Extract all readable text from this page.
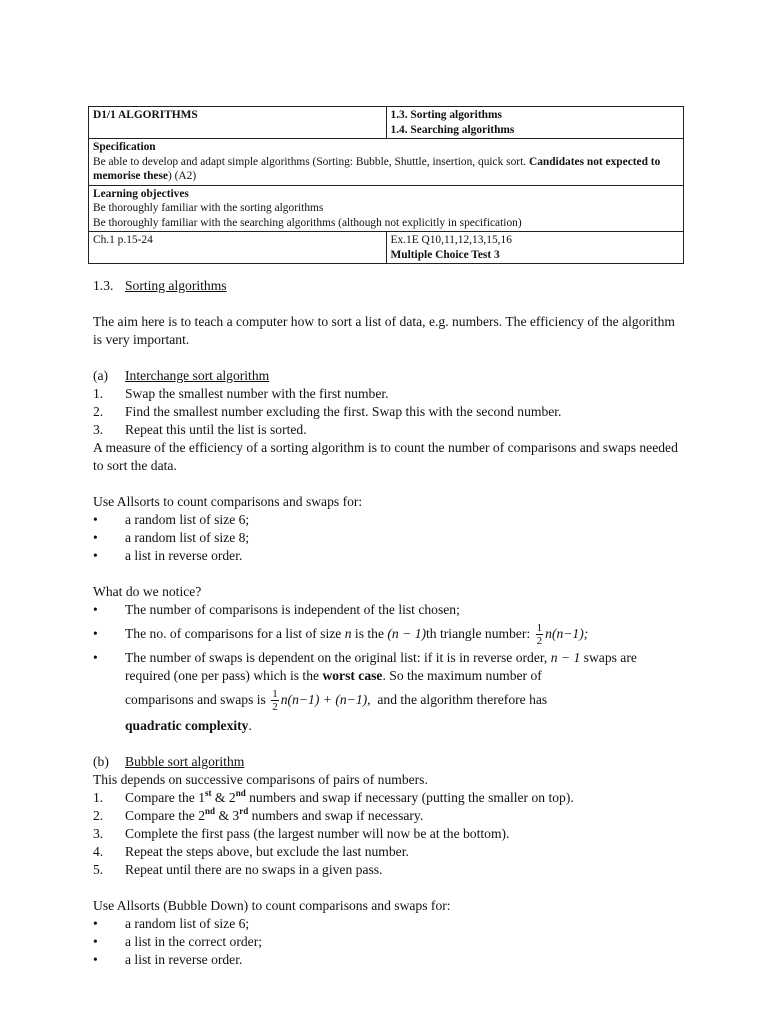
D1/1 ALGORITHMS	1.3. Sorting algorithms
1.4. Searching algorithms

Specification
Be able to develop and adapt simple algorithms (Sorting: Bubble, Shuttle, insertion, quick sort. Candidates not expected to memorise these) (A2)	

Learning objectives
Be thoroughly familiar with the sorting algorithms
Be thoroughly familiar with the searching algorithms (although not explicitly in specification)	

Ch.1 p.15-24	Ex.1E Q10,11,12,13,15,16
Multiple Choice Test 3
1.3. Sorting algorithms

The aim here is to teach a computer how to sort a list of data, e.g. numbers. The efficiency of the algorithm is very important.

(a)	Interchange sort algorithm
1.	Swap the smallest number with the first number.
2.	Find the smallest number excluding the first. Swap this with the second number.
3.	Repeat this until the list is sorted.

A measure of the efficiency of a sorting algorithm is to count the number of comparisons and swaps needed to sort the data.

Use Allsorts to count comparisons and swaps for:

•
a random list of size 6;
•
a random list of size 8;
•
a list in reverse order.

What do we notice?

•
The number of comparisons is independent of the list chosen;
•
The no. of comparisons for a list of size n is the (n − 1)th triangle number: $\frac{1}{2} n(n-1)$;
•
The number of swaps is dependent on the original list: if it is in reverse order, n − 1 swaps are required (one per pass) which is the worst case. So the maximum number of
comparisons and swaps is $\frac{1}{2} n(n-1) + (n-1)$, and the algorithm therefore has
quadratic complexity.
(b)	Bubble sort algorithm

This depends on successive comparisons of pairs of numbers.

1.	Compare the 1st & 2nd numbers and swap if necessary (putting the smaller on top).
2.	Compare the 2nd & 3rd numbers and swap if necessary.
3.	Complete the first pass (the largest number will now be at the bottom).
4.	Repeat the steps above, but exclude the last number.
5.	Repeat until there are no swaps in a given pass.

Use Allsorts (Bubble Down) to count comparisons and swaps for:

•
a random list of size 6;
•
a list in the correct order;
•
a list in reverse order.
